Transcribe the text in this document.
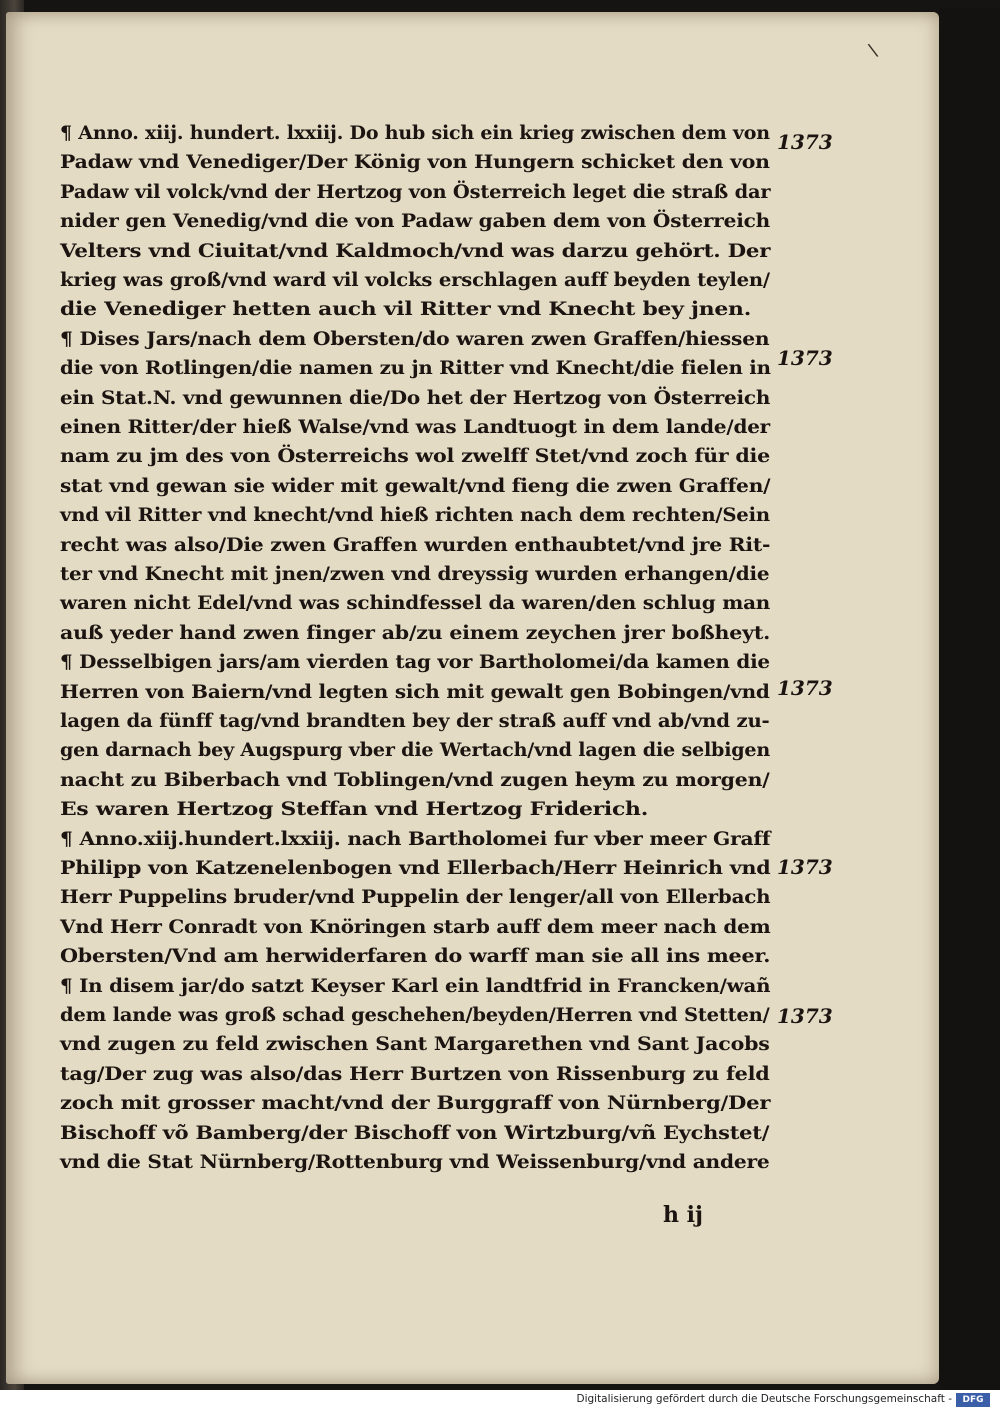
\
¶ Anno. xiij. hundert. lxxiij. Do hub sich ein krieg zwischen dem von
Padaw vnd Venediger/Der König von Hungern schicket den von
Padaw vil volck/vnd der Hertzog von Österreich leget die straß dar
nider gen Venedig/vnd die von Padaw gaben dem von Österreich
Velters vnd Ciuitat/vnd Kaldmoch/vnd was darzu gehört. Der
krieg was groß/vnd ward vil volcks erschlagen auff beyden teylen/
die Venediger hetten auch vil Ritter vnd Knecht bey jnen.
¶ Dises Jars/nach dem Obersten/do waren zwen Graffen/hiessen
die von Rotlingen/die namen zu jn Ritter vnd Knecht/die fielen in
ein Stat.N. vnd gewunnen die/Do het der Hertzog von Österreich
einen Ritter/der hieß Walse/vnd was Landtuogt in dem lande/der
nam zu jm des von Österreichs wol zwelff Stet/vnd zoch für die
stat vnd gewan sie wider mit gewalt/vnd fieng die zwen Graffen/
vnd vil Ritter vnd knecht/vnd hieß richten nach dem rechten/Sein
recht was also/Die zwen Graffen wurden enthaubtet/vnd jre Rit-
ter vnd Knecht mit jnen/zwen vnd dreyssig wurden erhangen/die
waren nicht Edel/vnd was schindfessel da waren/den schlug man
auß yeder hand zwen finger ab/zu einem zeychen jrer boßheyt.
¶ Desselbigen jars/am vierden tag vor Bartholomei/da kamen die
Herren von Baiern/vnd legten sich mit gewalt gen Bobingen/vnd
lagen da fünff tag/vnd brandten bey der straß auff vnd ab/vnd zu-
gen darnach bey Augspurg vber die Wertach/vnd lagen die selbigen
nacht zu Biberbach vnd Toblingen/vnd zugen heym zu morgen/
Es waren Hertzog Steffan vnd Hertzog Friderich.
¶ Anno.xiij.hundert.lxxiij. nach Bartholomei fur vber meer Graff
Philipp von Katzenelenbogen vnd Ellerbach/Herr Heinrich vnd
Herr Puppelins bruder/vnd Puppelin der lenger/all von Ellerbach
Vnd Herr Conradt von Knöringen starb auff dem meer nach dem
Obersten/Vnd am herwiderfaren do warff man sie all ins meer.
¶ In disem jar/do satzt Keyser Karl ein landtfrid in Francken/wañ
dem lande was groß schad geschehen/beyden/Herren vnd Stetten/
vnd zugen zu feld zwischen Sant Margarethen vnd Sant Jacobs
tag/Der zug was also/das Herr Burtzen von Rissenburg zu feld
zoch mit grosser macht/vnd der Burggraff von Nürnberg/Der
Bischoff võ Bamberg/der Bischoff von Wirtzburg/vñ Eychstet/
vnd die Stat Nürnberg/Rottenburg vnd Weissenburg/vnd andere
1373
1373
1373
1373
1373
h ij
Digitalisierung gefördert durch die Deutsche Forschungsgemeinschaft -	DFG
